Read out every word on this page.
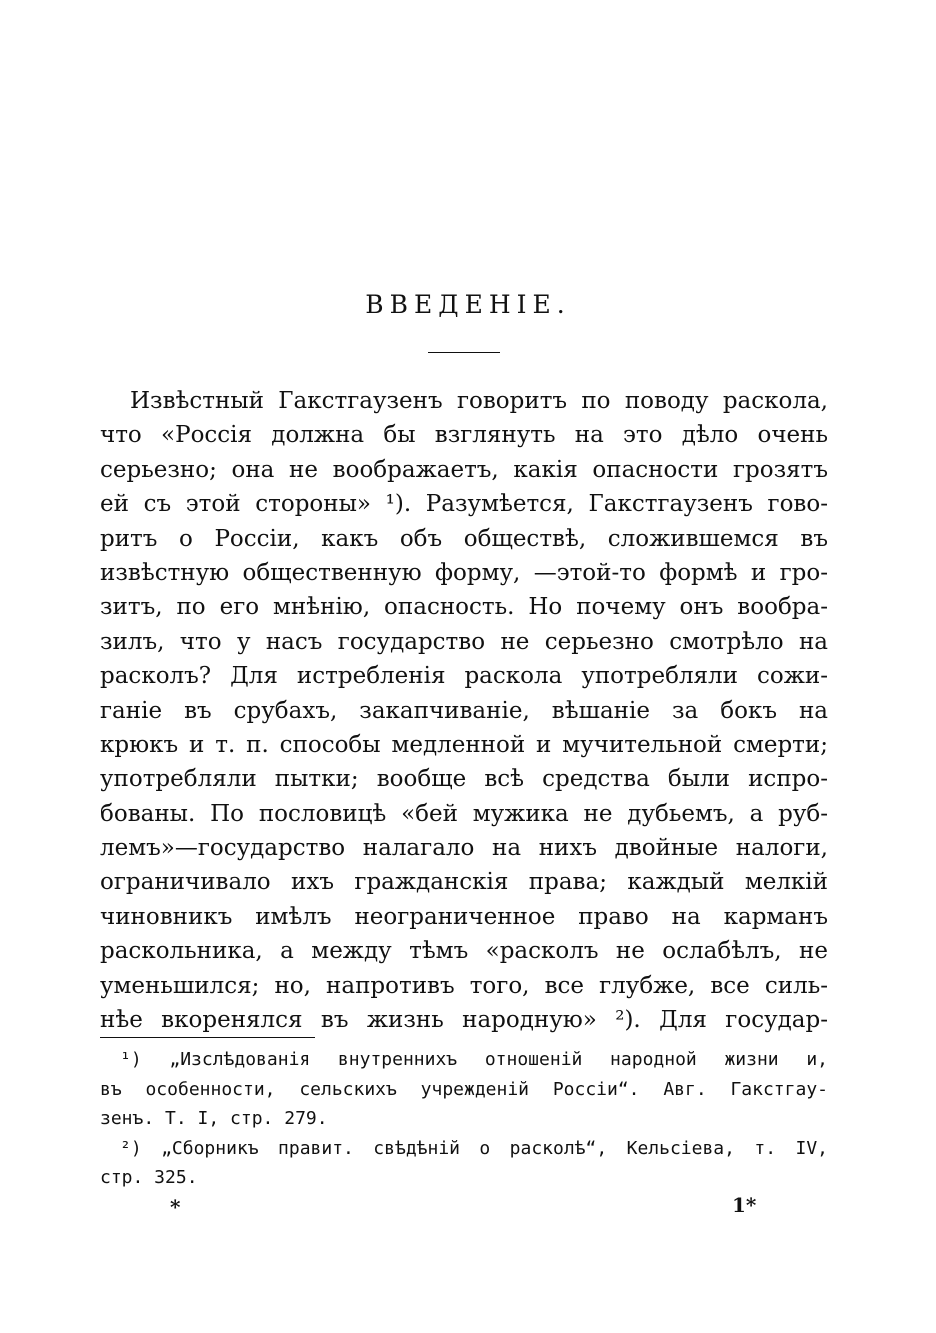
ВВЕДЕНІЕ.
Извѣстный Гакстгаузенъ говоритъ по поводу раскола,
что «Россія должна бы взглянуть на это дѣло очень
серьезно; она не воображаетъ, какія опасности грозятъ
ей съ этой стороны» ¹). Разумѣется, Гакстгаузенъ гово-
ритъ о Россіи, какъ объ обществѣ, сложившемся въ
извѣстную общественную форму, —этой-то формѣ и гро-
зитъ, по его мнѣнію, опасность. Но почему онъ вообра-
зилъ, что у насъ государство не серьезно смотрѣло на
расколъ? Для истребленія раскола употребляли сожи-
ганіе въ срубахъ, закапчиваніе, вѣшаніе за бокъ на
крюкъ и т. п. способы медленной и мучительной смерти;
употребляли пытки; вообще всѣ средства были испро-
бованы. По пословицѣ «бей мужика не дубьемъ, а руб-
лемъ»—государство налагало на нихъ двойные налоги,
ограничивало ихъ гражданскія права; каждый мелкій
чиновникъ имѣлъ неограниченное право на карманъ
раскольника, а между тѣмъ «расколъ не ослабѣлъ, не
уменьшился; но, напротивъ того, все глубже, все силь-
нѣе вкоренялся въ жизнь народную» ²). Для государ-
¹) „Изслѣдованія внутреннихъ отношеній народной жизни и,
въ особенности, сельскихъ учрежденій Россіи“. Авг. Гакстгау-
зенъ. Т. I, стр. 279.
²) „Сборникъ правит. свѣдѣній о расколѣ“, Кельсіева, т. IV,
стр. 325.
*	1*
